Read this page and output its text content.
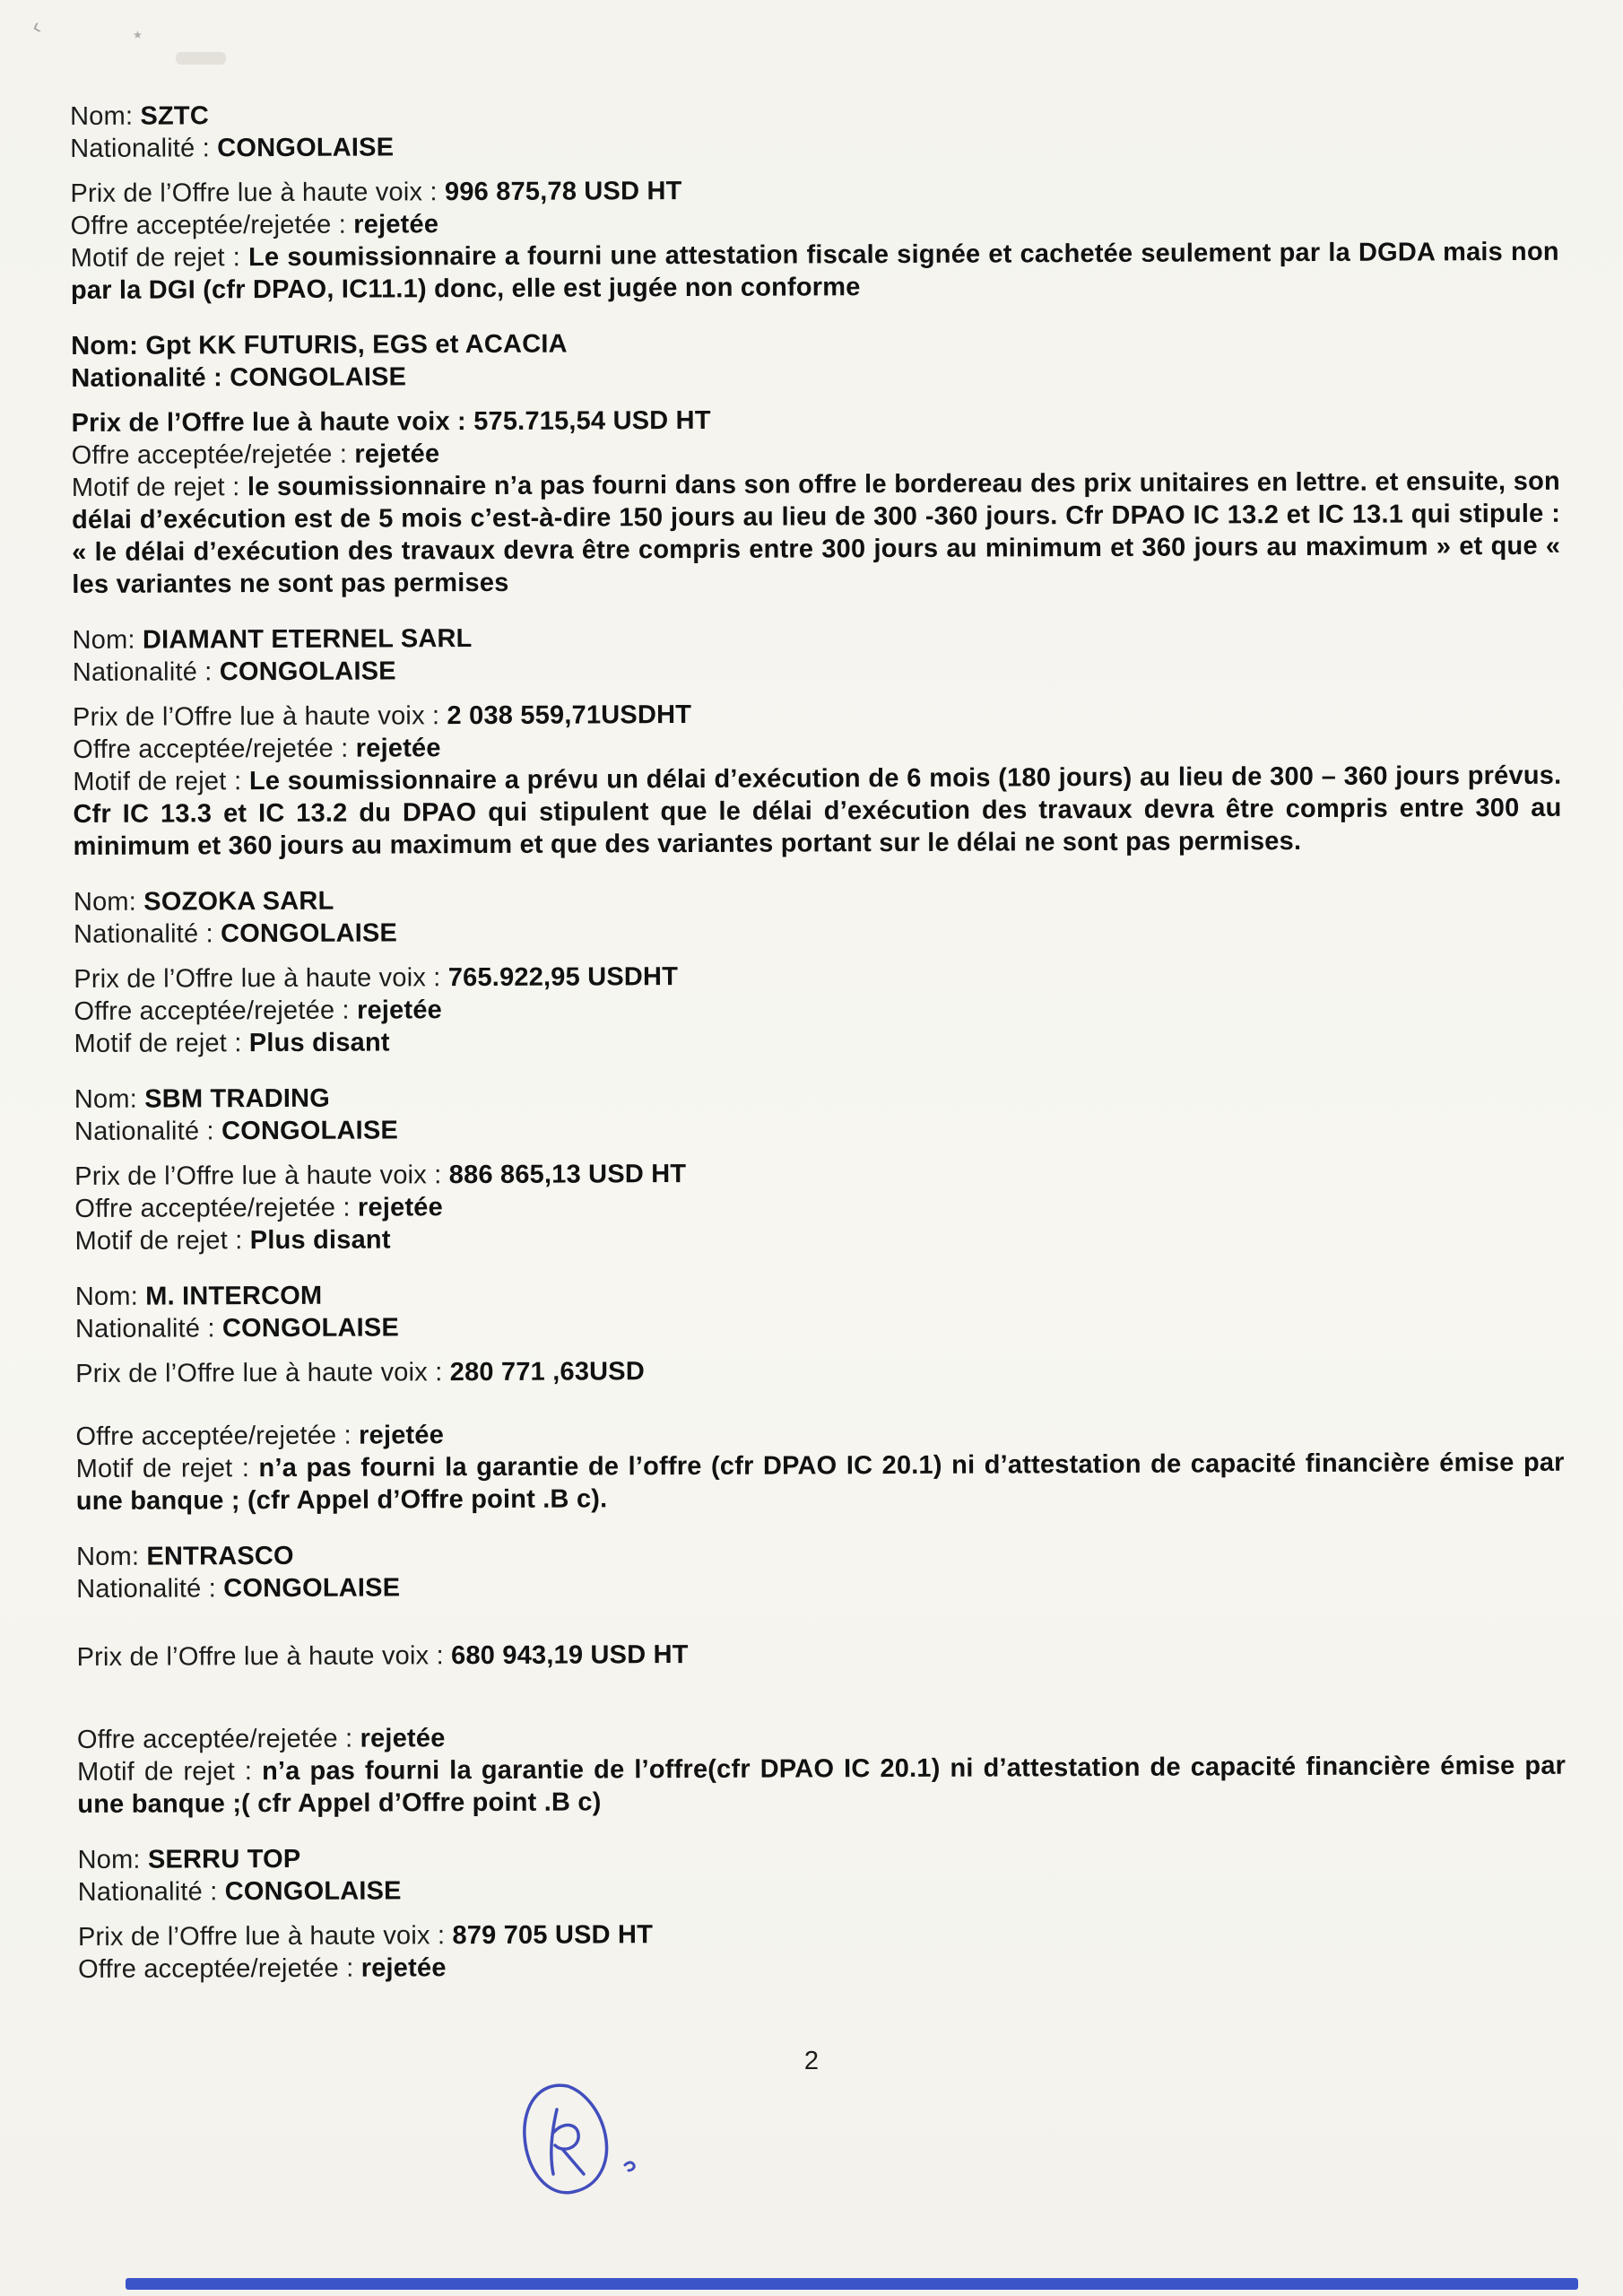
‹	٭

Nom: SZTC

Nationalité : CONGOLAISE

Prix de l’Offre lue à haute voix : 996 875,78 USD HT

Offre acceptée/rejetée : rejetée

Motif de rejet : Le soumissionnaire a fourni une attestation fiscale signée et cachetée seulement par la DGDA mais non par la DGI (cfr DPAO, IC11.1) donc, elle est jugée non conforme

Nom: Gpt KK FUTURIS, EGS et ACACIA

Nationalité : CONGOLAISE

Prix de l’Offre lue à haute voix : 575.715,54 USD HT

Offre acceptée/rejetée : rejetée

Motif de rejet : le soumissionnaire n’a pas fourni dans son offre le bordereau des prix unitaires en lettre. et ensuite, son délai d’exécution est de 5 mois c’est-à-dire 150 jours au lieu de 300 -360 jours. Cfr DPAO IC 13.2 et IC 13.1 qui stipule : « le délai d’exécution des travaux devra être compris entre 300 jours au minimum et 360 jours au maximum » et que « les variantes ne sont pas permises

Nom: DIAMANT ETERNEL SARL

Nationalité : CONGOLAISE

Prix de l’Offre lue à haute voix : 2 038 559,71USDHT

Offre acceptée/rejetée : rejetée

Motif de rejet : Le soumissionnaire a prévu un délai d’exécution de 6 mois (180 jours) au lieu de 300 – 360 jours prévus. Cfr IC 13.3 et IC 13.2 du DPAO qui stipulent que le délai d’exécution des travaux devra être compris entre 300 au minimum et 360 jours au maximum et que des variantes portant sur le délai ne sont pas permises.

Nom: SOZOKA SARL

Nationalité : CONGOLAISE

Prix de l’Offre lue à haute voix : 765.922,95 USDHT

Offre acceptée/rejetée : rejetée

Motif de rejet : Plus disant

Nom: SBM TRADING

Nationalité : CONGOLAISE

Prix de l’Offre lue à haute voix : 886 865,13 USD HT

Offre acceptée/rejetée : rejetée

Motif de rejet : Plus disant

Nom: M. INTERCOM

Nationalité : CONGOLAISE

Prix de l’Offre lue à haute voix : 280 771 ,63USD

Offre acceptée/rejetée : rejetée

Motif de rejet : n’a pas fourni la garantie de l’offre (cfr DPAO IC 20.1) ni d’attestation de capacité financière émise par une banque ; (cfr Appel d’Offre point .B c).

Nom: ENTRASCO

Nationalité : CONGOLAISE

Prix de l’Offre lue à haute voix : 680 943,19 USD HT

Offre acceptée/rejetée : rejetée

Motif de rejet : n’a pas fourni la garantie de l’offre(cfr DPAO IC 20.1) ni d’attestation de capacité financière émise par une banque ;( cfr Appel d’Offre point .B c)

Nom: SERRU TOP

Nationalité : CONGOLAISE

Prix de l’Offre lue à haute voix : 879 705 USD HT

Offre acceptée/rejetée : rejetée

2
